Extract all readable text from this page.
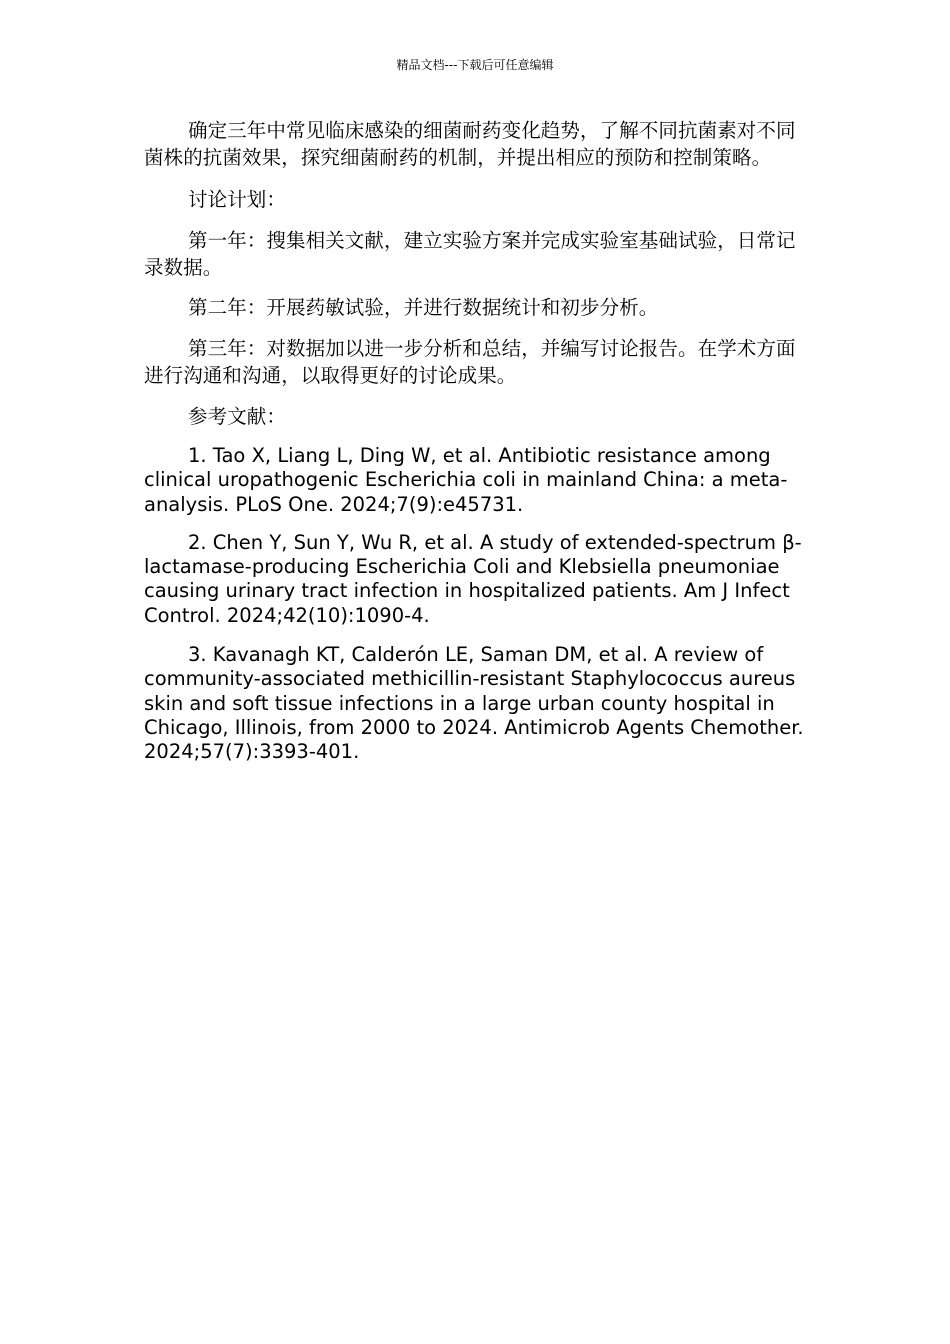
精品文档---下载后可任意编辑

确定三年中常见临床感染的细菌耐药变化趋势，了解不同抗菌素对不同菌株的抗菌效果，探究细菌耐药的机制，并提出相应的预防和控制策略。

讨论计划：

第一年：搜集相关文献，建立实验方案并完成实验室基础试验，日常记录数据。

第二年：开展药敏试验，并进行数据统计和初步分析。

第三年：对数据加以进一步分析和总结，并编写讨论报告。在学术方面进行沟通和沟通，以取得更好的讨论成果。

参考文献：

1. Tao X, Liang L, Ding W, et al. Antibiotic resistance among clinical uropathogenic Escherichia coli in mainland China: a meta-analysis. PLoS One. 2024;7(9):e45731.

2. Chen Y, Sun Y, Wu R, et al. A study of extended-spectrum β-lactamase-producing Escherichia Coli and Klebsiella pneumoniae causing urinary tract infection in hospitalized patients. Am J Infect Control. 2024;42(10):1090-4.

3. Kavanagh KT, Calderón LE, Saman DM, et al. A review of community-associated methicillin-resistant Staphylococcus aureus skin and soft tissue infections in a large urban county hospital in Chicago, Illinois, from 2000 to 2024. Antimicrob Agents Chemother. 2024;57(7):3393-401.
